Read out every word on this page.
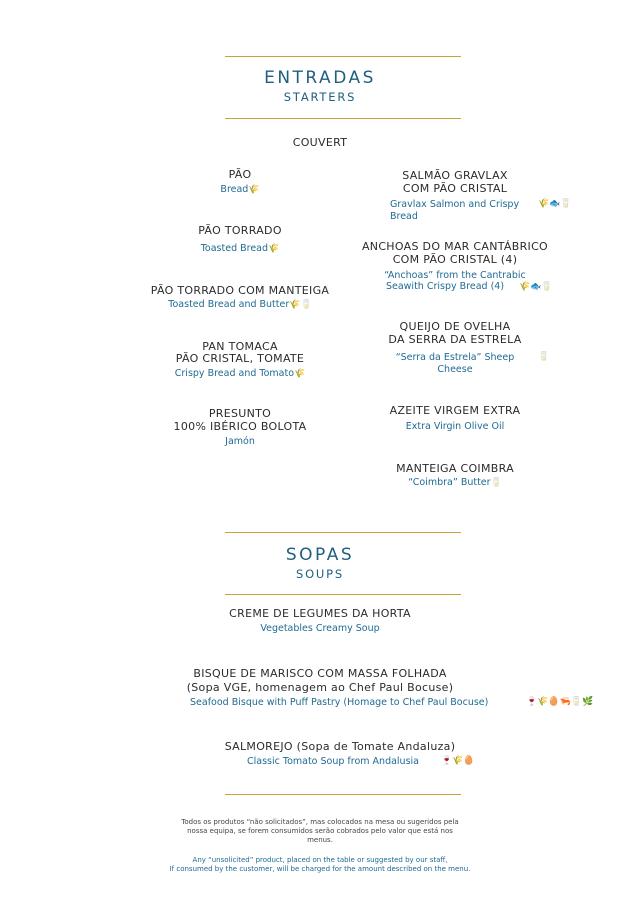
ENTRADAS
STARTERS
COUVERT
PÃO
Bread🌾
PÃO TORRADO
Toasted Bread🌾
PÃO TORRADO COM MANTEIGA
Toasted Bread and Butter🌾🥛
PAN TOMACA
PÃO CRISTAL, TOMATE
Crispy Bread and Tomato🌾
PRESUNTO
100% IBÉRICO BOLOTA
Jamón
SALMÃO GRAVLAX
COM PÃO CRISTAL
Gravlax Salmon and Crispy
Bread
🌾🐟🥛
ANCHOAS DO MAR CANTÁBRICO
COM PÃO CRISTAL (4)
“Anchoas” from the Cantrabic
Seawith Crispy Bread (4)	🌾🐟🥛
QUEIJO DE OVELHA
DA SERRA DA ESTRELA
“Serra da Estrela” Sheep
Cheese
🥛
AZEITE VIRGEM EXTRA
Extra Virgin Olive Oil
MANTEIGA COIMBRA
“Coimbra” Butter🥛
SOPAS
SOUPS
CREME DE LEGUMES DA HORTA
Vegetables Creamy Soup
BISQUE DE MARISCO COM MASSA FOLHADA
(Sopa VGE, homenagem ao Chef Paul Bocuse)
Seafood Bisque with Puff Pastry (Homage to Chef Paul Bocuse)	🍷🌾🥚🦐🥛🌿
SALMOREJO (Sopa de Tomate Andaluza)
Classic Tomato Soup from Andalusia	🍷🌾🥚
Todos os produtos “não solicitados”, mas colocados na mesa ou sugeridos pela
nossa equipa, se forem consumidos serão cobrados pelo valor que está nos
menus.
Any “unsolicited” product, placed on the table or suggested by our staff,
If consumed by the customer, will be charged for the amount described on the menu.
